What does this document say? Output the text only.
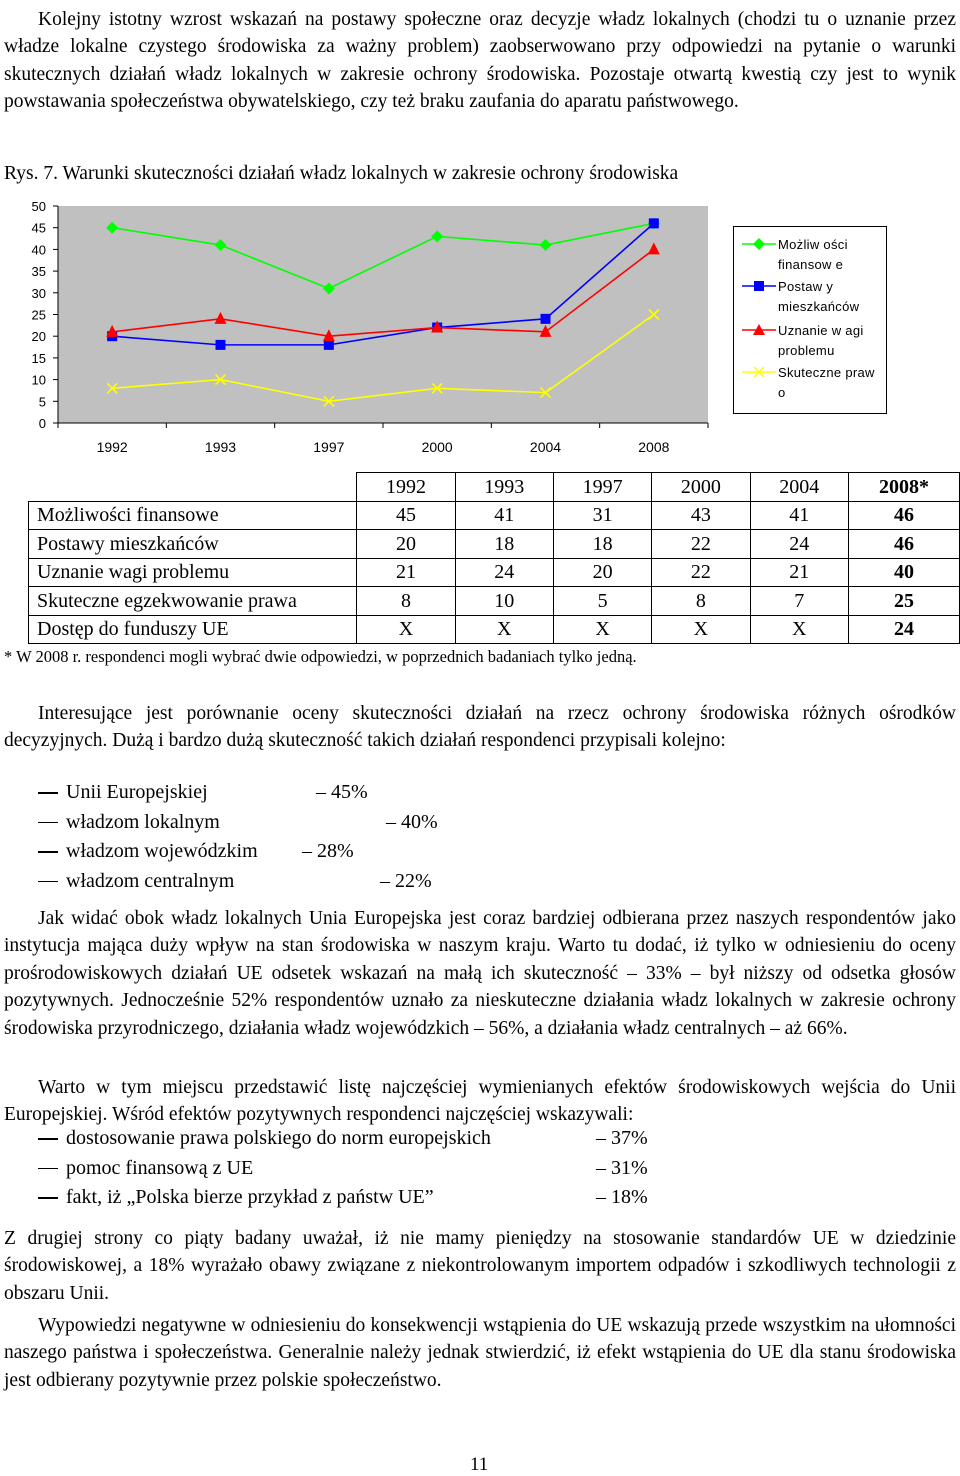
Kolejny istotny wzrost wskazań na postawy społeczne oraz decyzje władz lokalnych (chodzi tu o uznanie przez władze lokalne czystego środowiska za ważny problem) zaobserwowano przy odpowiedzi na pytanie o warunki skutecznych działań władz lokalnych w zakresie ochrony środowiska. Pozostaje otwartą kwestią czy jest to wynik powstawania społeczeństwa obywatelskiego, czy też braku zaufania do aparatu państwowego.

Rys. 7. Warunki skuteczności działań władz lokalnych w zakresie ochrony środowiska
0
5
10
15
20
25
30
35
40
45
50
1992	1993	1997	2000	2004	2008
Możliw ości finansow e
Postaw y mieszkańców
Uznanie w agi problemu
Skuteczne praw o
	1992	1993	1997	2000	2004	2008*
Możliwości finansowe	45	41	31	43	41	46
Postawy mieszkańców	20	18	18	22	24	46
Uznanie wagi problemu	21	24	20	22	21	40
Skuteczne egzekwowanie prawa	8	10	5	8	7	25
Dostęp do funduszy UE	X	X	X	X	X	24
* W 2008 r. respondenci mogli wybrać dwie odpowiedzi, w poprzednich badaniach tylko jedną.

Interesujące jest porównanie oceny skuteczności działań na rzecz ochrony środowiska różnych ośrodków decyzyjnych. Dużą i bardzo dużą skuteczność takich działań respondenci przypisali kolejno:

Unii Europejskiej	– 45%
władzom lokalnym	– 40%
władzom wojewódzkim – 28%
władzom centralnym	– 22%

Jak widać obok władz lokalnych Unia Europejska jest coraz bardziej odbierana przez naszych respondentów jako instytucja mająca duży wpływ na stan środowiska w naszym kraju. Warto tu dodać, iż tylko w odniesieniu do oceny prośrodowiskowych działań UE odsetek wskazań na małą ich skuteczność – 33% – był niższy od odsetka głosów pozytywnych. Jednocześnie 52% respondentów uznało za nieskuteczne działania władz lokalnych w zakresie ochrony środowiska przyrodniczego, działania władz wojewódzkich – 56%, a działania władz centralnych – aż 66%.

Warto w tym miejscu przedstawić listę najczęściej wymienianych efektów środowiskowych wejścia do Unii Europejskiej. Wśród efektów pozytywnych respondenci najczęściej wskazywali:

dostosowanie prawa polskiego do norm europejskich	– 37%
pomoc finansową z UE	– 31%
fakt, iż „Polska bierze przykład z państw UE”	– 18%

Z drugiej strony co piąty badany uważał, iż nie mamy pieniędzy na stosowanie standardów UE w dziedzinie środowiskowej, a 18% wyrażało obawy związane z niekontrolowanym importem odpadów i szkodliwych technologii z obszaru Unii.

Wypowiedzi negatywne w odniesieniu do konsekwencji wstąpienia do UE wskazują przede wszystkim na ułomności naszego państwa i społeczeństwa. Generalnie należy jednak stwierdzić, iż efekt wstąpienia do UE dla stanu środowiska jest odbierany pozytywnie przez polskie społeczeństwo.

11
